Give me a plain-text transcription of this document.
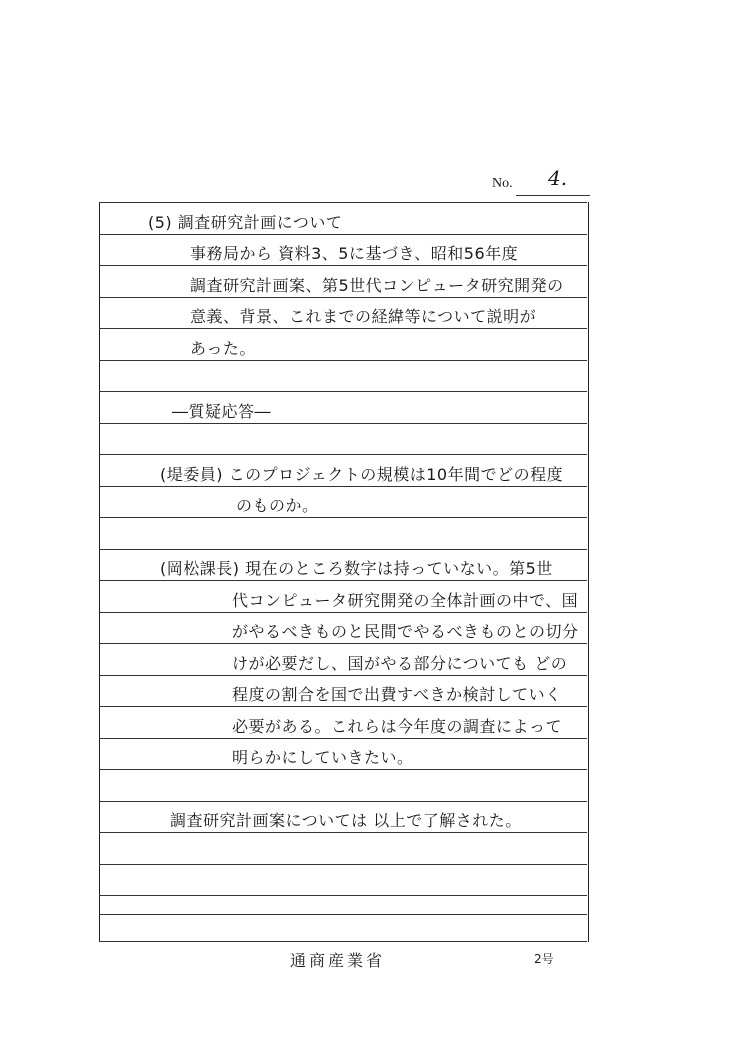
No. 4.
(5) 調査研究計画について
事務局から 資料3、5に基づき、昭和56年度
調査研究計画案、第5世代コンピュータ研究開発の
意義、背景、これまでの経緯等について説明が
あった。
―質疑応答―
(堤委員) このプロジェクトの規模は10年間でどの程度
のものか。
(岡松課長) 現在のところ数字は持っていない。第5世
代コンピュータ研究開発の全体計画の中で、国
がやるべきものと民間でやるべきものとの切分
けが必要だし、国がやる部分についても どの
程度の割合を国で出費すべきか検討していく
必要がある。これらは今年度の調査によって
明らかにしていきたい。
調査研究計画案については 以上で了解された。
通商産業省	2号
